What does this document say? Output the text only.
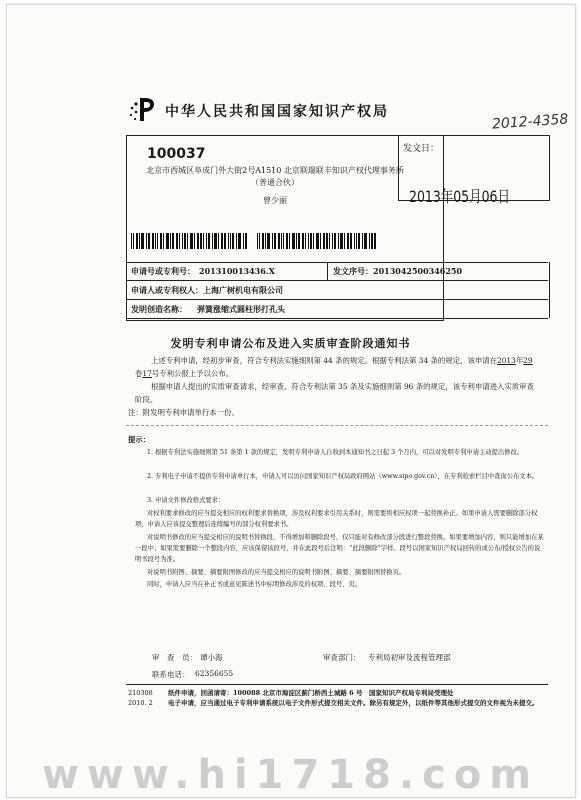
中华人民共和国国家知识产权局	2012-4358
100037
北京市西城区阜成门外大街2号A1510 北京联瑞联丰知识产权代理事务所（普通合伙）
曾少丽
发文日：
2013年05月06日
申请号或专利号： 201310013436.X	发文序号： 2013042500346250
申请人或专利权人： 上海广树机电有限公司
发明创造名称： 弹簧涨缩式圆柱形打孔头
发明专利申请公布及进入实质审查阶段通知书
上述专利申请，经初步审查，符合专利法实施细则第 44 条的规定。根据专利法第 34 条的规定，该申请在2013年29卷17号专利公报上予以公布。
根据申请人提出的实质审查请求，经审查，符合专利法第 35 条及实施细则第 96 条的规定，该专利申请进入实质审查阶段。
注：附发明专利申请单行本一份。
提示：
1. 根据专利法实施细则第 51 条第 1 款的规定，发明专利申请人自收到本通知书之日起 3 个月内，可以对发明专利申请主动提出修改。
2. 专利电子申请不提供专利申请单行本，申请人可以访问国家知识产权局政府网站（www.sipo.gov.cn），在专利检索栏目中查询公布文本。
3. 申请文件修改格式要求：
对权利要求修改的应当提交相应的权利要求替换项，涉及权利要求引用关系时，则需要将相应权项一起替换补正。如果申请人需要删除部分权项，申请人应该提交整理后连续编号的部分权利要求书。
对说明书修改的应当提交相应的说明书替换段，不得增加和删除段号，仅只能对有修改部分段进行整段替换。如果要增加内容，则只能增加在某一段中；如果需要删除一个整段内容，应该保留该段号，并在此段号后注明：“此段删除”字样。段号以国家知识产权局回传的或公布/授权公告的说明书段号为准。
对说明书附图、摘要、摘要附图修改的应当提交相应的说明书附图、摘要、摘要附图替换页。
同时，申请人应当在补正书或意见陈述书中标明修改涉及的权项、段号、页。
审　查　员： 谭小海	审查部门： 专利局初审及流程管理部
联系电话： 62356655
210308
2010. 2
纸件申请，回函请寄：100088 北京市海淀区蓟门桥西土城路 6 号　国家知识产权局专利局受理处
电子申请，应当通过电子专利申请系统以电子文件形式提交相关文件。除另有规定外，以纸件等其他形式提交的文件视为未提交。
www.hi1718.com
